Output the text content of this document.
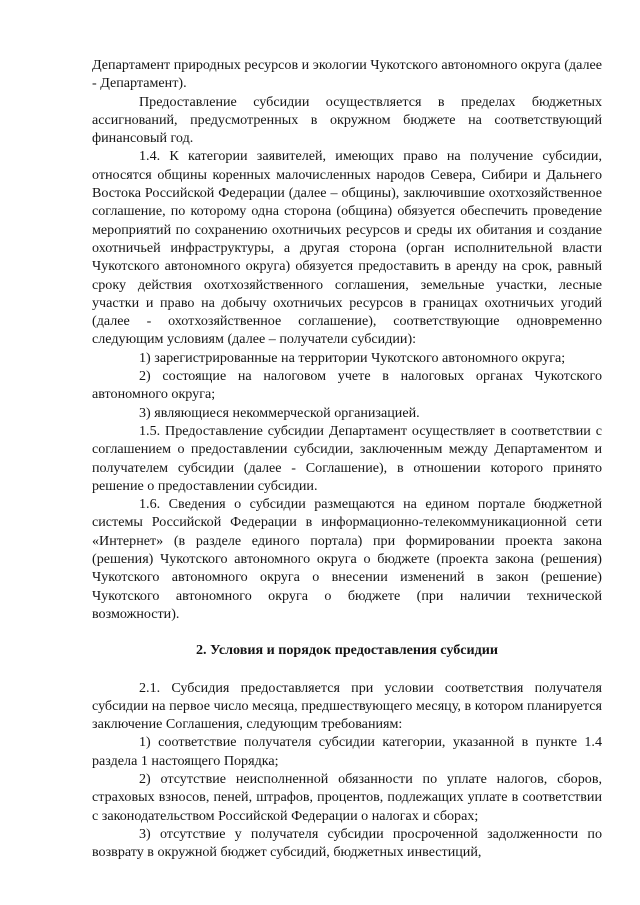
Департамент природных ресурсов и экологии Чукотского автономного округа (далее - Департамент).

Предоставление субсидии осуществляется в пределах бюджетных ассигнований, предусмотренных в окружном бюджете на соответствующий финансовый год.

1.4. К категории заявителей, имеющих право на получение субсидии, относятся общины коренных малочисленных народов Севера, Сибири и Дальнего Востока Российской Федерации (далее – общины), заключившие охотхозяйственное соглашение, по которому одна сторона (община) обязуется обеспечить проведение мероприятий по сохранению охотничьих ресурсов и среды их обитания и создание охотничьей инфраструктуры, а другая сторона (орган исполнительной власти Чукотского автономного округа) обязуется предоставить в аренду на срок, равный сроку действия охотхозяйственного соглашения, земельные участки, лесные участки и право на добычу охотничьих ресурсов в границах охотничьих угодий (далее - охотхозяйственное соглашение), соответствующие одновременно следующим условиям (далее – получатели субсидии):

1) зарегистрированные на территории Чукотского автономного округа;

2) состоящие на налоговом учете в налоговых органах Чукотского автономного округа;

3) являющиеся некоммерческой организацией.

1.5. Предоставление субсидии Департамент осуществляет в соответствии с соглашением о предоставлении субсидии, заключенным между Департаментом и получателем субсидии (далее - Соглашение), в отношении которого принято решение о предоставлении субсидии.

1.6. Сведения о субсидии размещаются на едином портале бюджетной системы Российской Федерации в информационно-телекоммуникационной сети «Интернет» (в разделе единого портала) при формировании проекта закона (решения) Чукотского автономного округа о бюджете (проекта закона (решения) Чукотского автономного округа о внесении изменений в закон (решение) Чукотского автономного округа о бюджете (при наличии технической возможности).

2. Условия и порядок предоставления субсидии

2.1. Субсидия предоставляется при условии соответствия получателя субсидии на первое число месяца, предшествующего месяцу, в котором планируется заключение Соглашения, следующим требованиям:

1) соответствие получателя субсидии категории, указанной в пункте 1.4 раздела 1 настоящего Порядка;

2) отсутствие неисполненной обязанности по уплате налогов, сборов, страховых взносов, пеней, штрафов, процентов, подлежащих уплате в соответствии с законодательством Российской Федерации о налогах и сборах;

3) отсутствие у получателя субсидии просроченной задолженности по возврату в окружной бюджет субсидий, бюджетных инвестиций,
